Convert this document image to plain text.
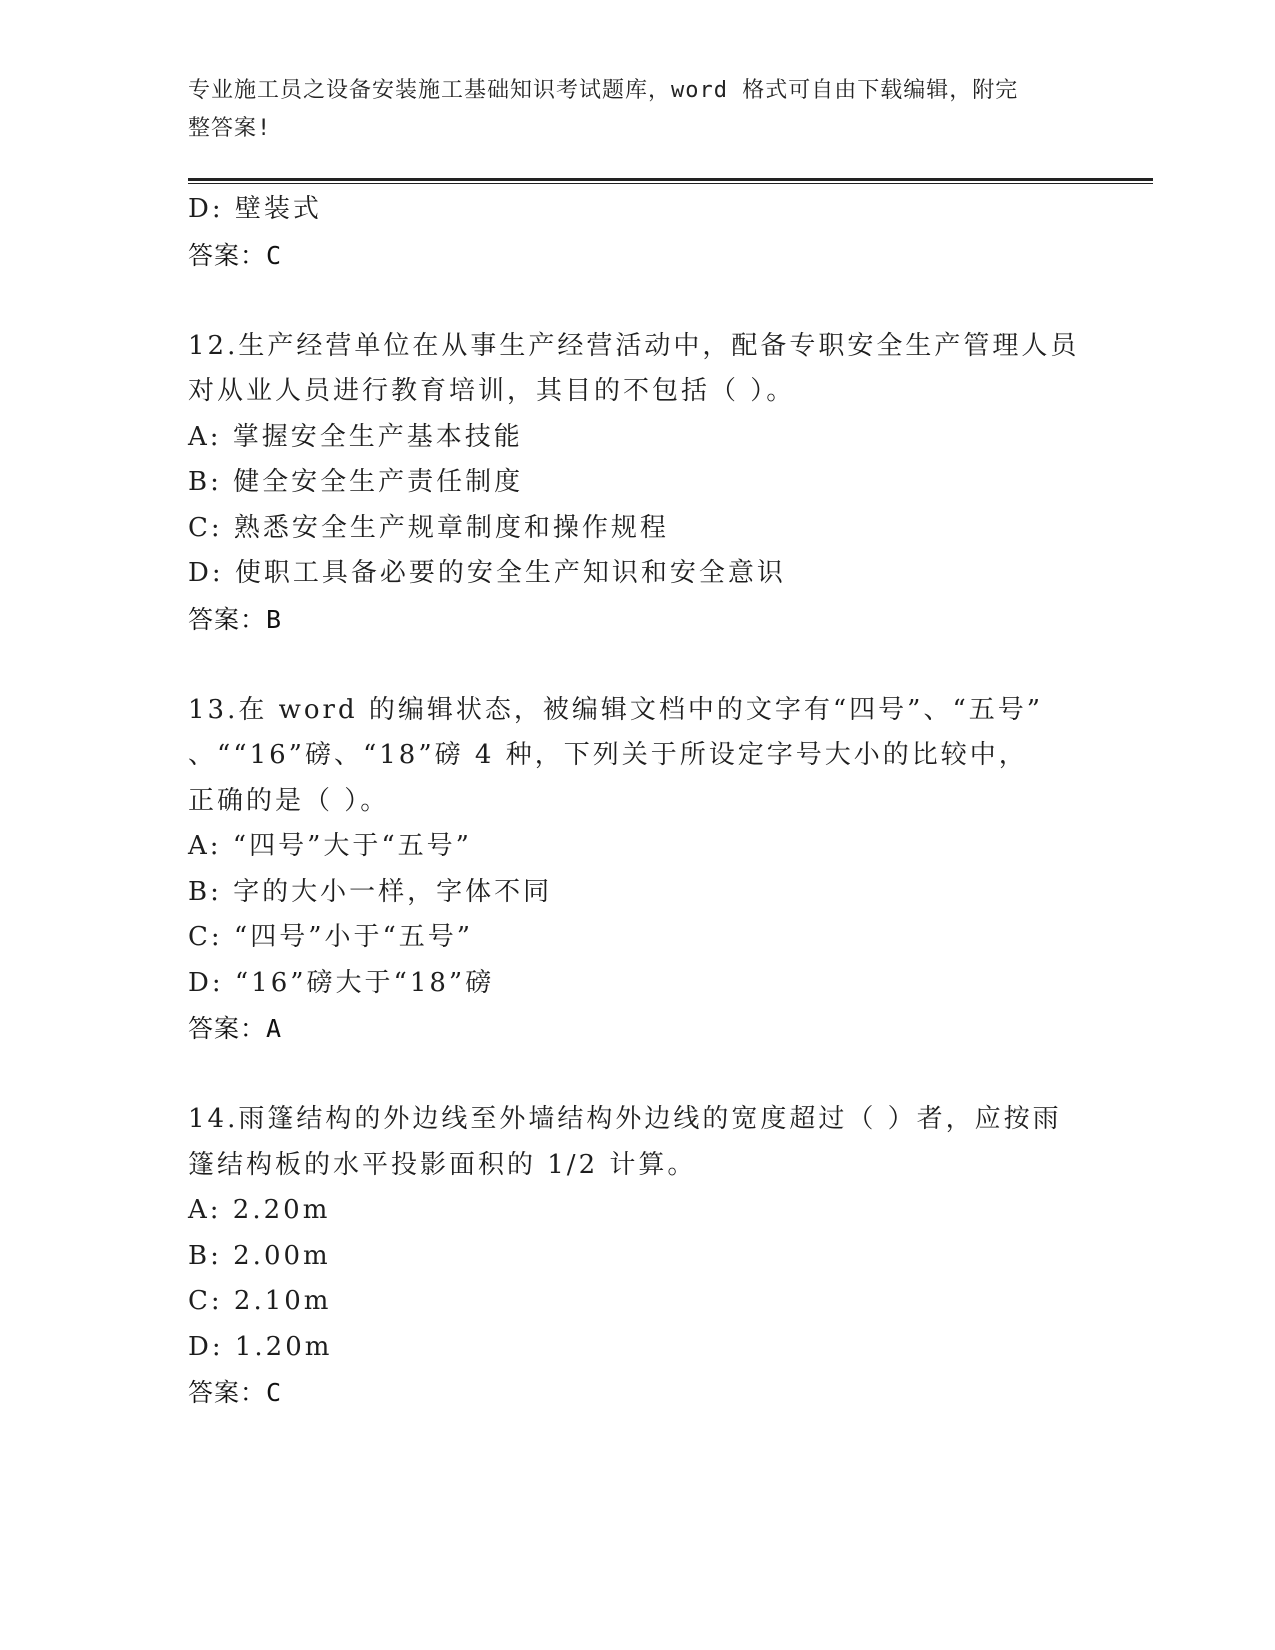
专业施工员之设备安装施工基础知识考试题库，word 格式可自由下载编辑，附完
整答案!
D: 壁装式
答案：C
12.生产经营单位在从事生产经营活动中，配备专职安全生产管理人员
对从业人员进行教育培训，其目的不包括（ ）。
A: 掌握安全生产基本技能
B: 健全安全生产责任制度
C: 熟悉安全生产规章制度和操作规程
D: 使职工具备必要的安全生产知识和安全意识
答案：B
13.在 word 的编辑状态，被编辑文档中的文字有“四号”、“五号”
、““16”磅、“18”磅 4 种，下列关于所设定字号大小的比较中，
正确的是（ ）。
A: “四号”大于“五号”
B: 字的大小一样，字体不同
C: “四号”小于“五号”
D: “16”磅大于“18”磅
答案：A
14.雨篷结构的外边线至外墙结构外边线的宽度超过（ ）者，应按雨
篷结构板的水平投影面积的 1/2 计算。
A: 2.20m
B: 2.00m
C: 2.10m
D: 1.20m
答案：C
